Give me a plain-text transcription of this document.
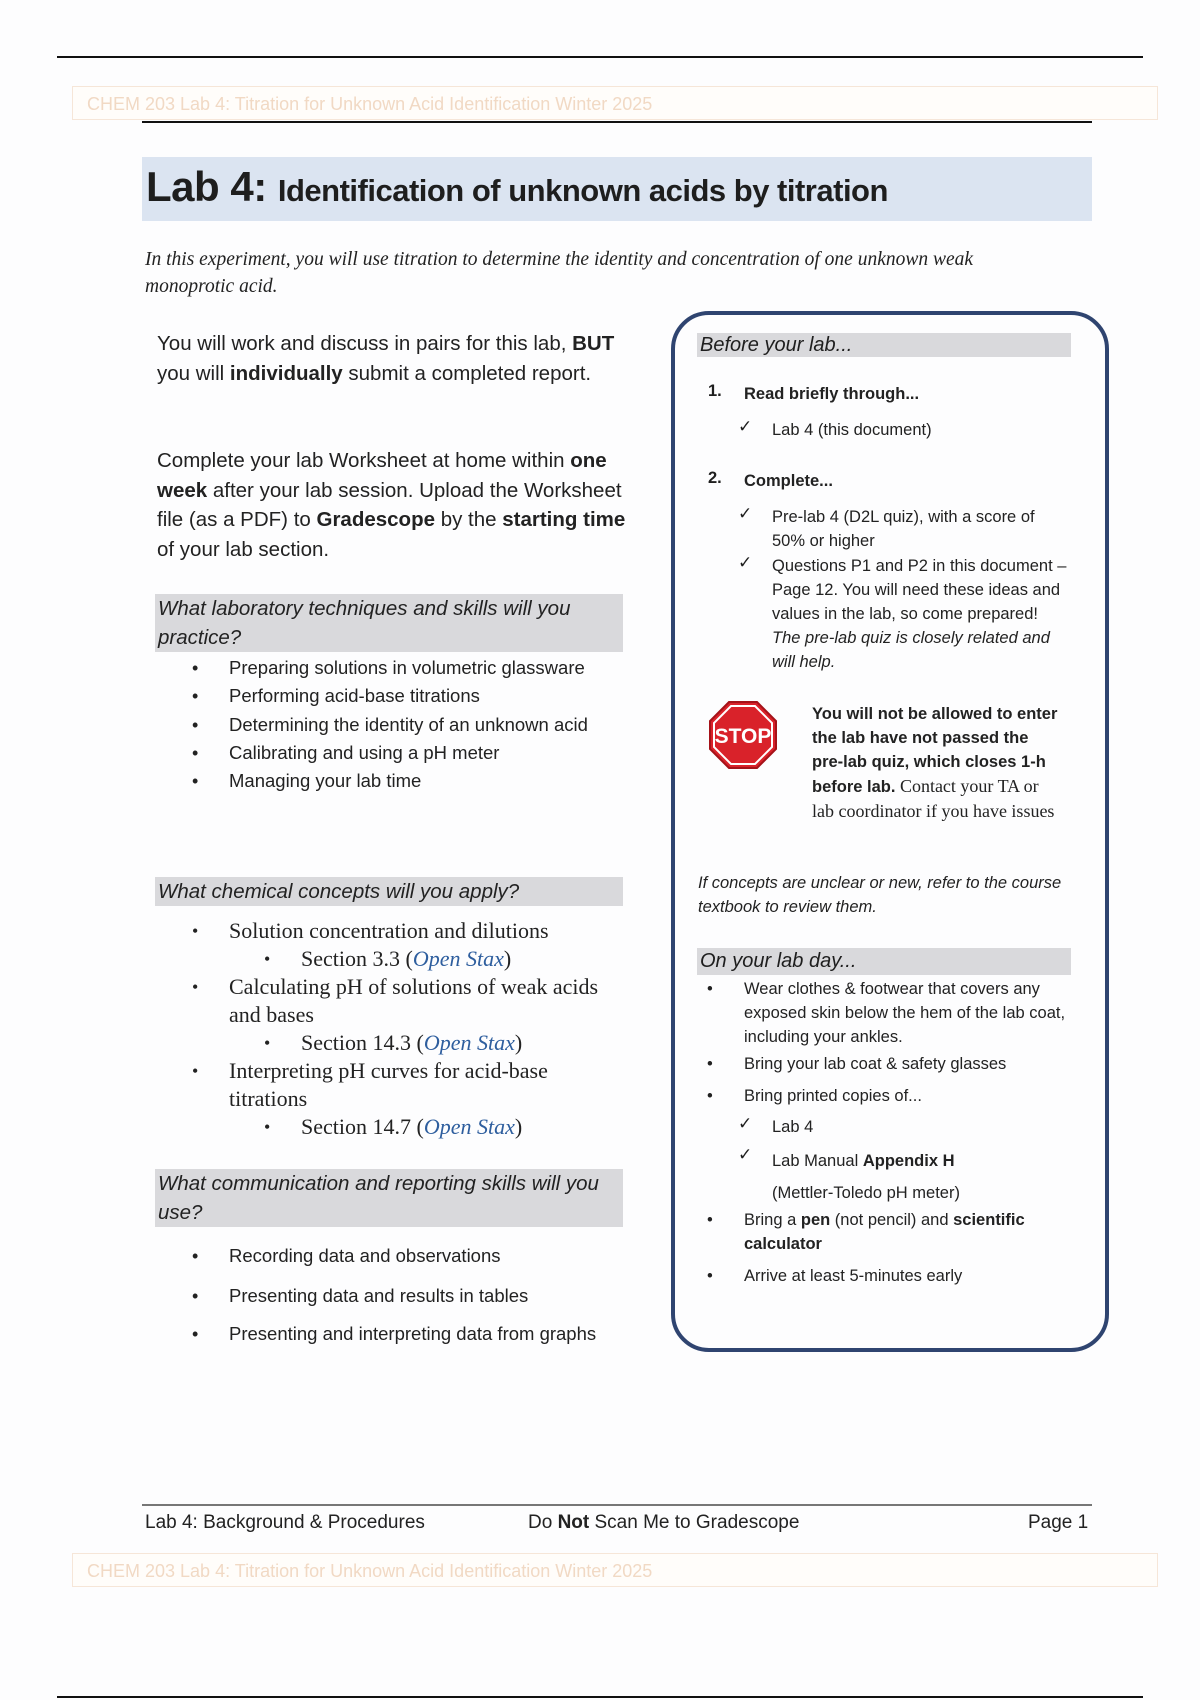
CHEM 203 Lab 4: Titration for Unknown Acid Identification Winter 2025
Lab 4: Identification of unknown acids by titration
In this experiment, you will use titration to determine the identity and concentration of one unknown weak monoprotic acid.
You will work and discuss in pairs for this lab, BUT you will individually submit a completed report.
Complete your lab Worksheet at home within one week after your lab session. Upload the Worksheet file (as a PDF) to Gradescope by the starting time of your lab section.
What laboratory techniques and skills will you practice?
• Preparing solutions in volumetric glassware
• Performing acid-base titrations
• Determining the identity of an unknown acid
• Calibrating and using a pH meter
• Managing your lab time
What chemical concepts will you apply?
• Solution concentration and dilutions
• Section 3.3 (Open Stax)
• Calculating pH of solutions of weak acids and bases
• Section 14.3 (Open Stax)
• Interpreting pH curves for acid-base titrations
• Section 14.7 (Open Stax)
What communication and reporting skills will you use?
• Recording data and observations
• Presenting data and results in tables
• Presenting and interpreting data from graphs
Before your lab...
1. Read briefly through...
✓ Lab 4 (this document)
2. Complete...
✓ Pre-lab 4 (D2L quiz), with a score of 50% or higher
✓ Questions P1 and P2 in this document – Page 12. You will need these ideas and values in the lab, so come prepared! The pre-lab quiz is closely related and will help.
STOP
You will not be allowed to enter the lab have not passed the pre-lab quiz, which closes 1-h before lab. Contact your TA or lab coordinator if you have issues
If concepts are unclear or new, refer to the course textbook to review them.
On your lab day...
• Wear clothes & footwear that covers any exposed skin below the hem of the lab coat, including your ankles.
• Bring your lab coat & safety glasses
• Bring printed copies of...
✓ Lab 4
✓ Lab Manual Appendix H
(Mettler-Toledo pH meter)
• Bring a pen (not pencil) and scientific calculator
• Arrive at least 5-minutes early
Lab 4: Background & Procedures	Do Not Scan Me to Gradescope	Page 1
CHEM 203 Lab 4: Titration for Unknown Acid Identification Winter 2025
